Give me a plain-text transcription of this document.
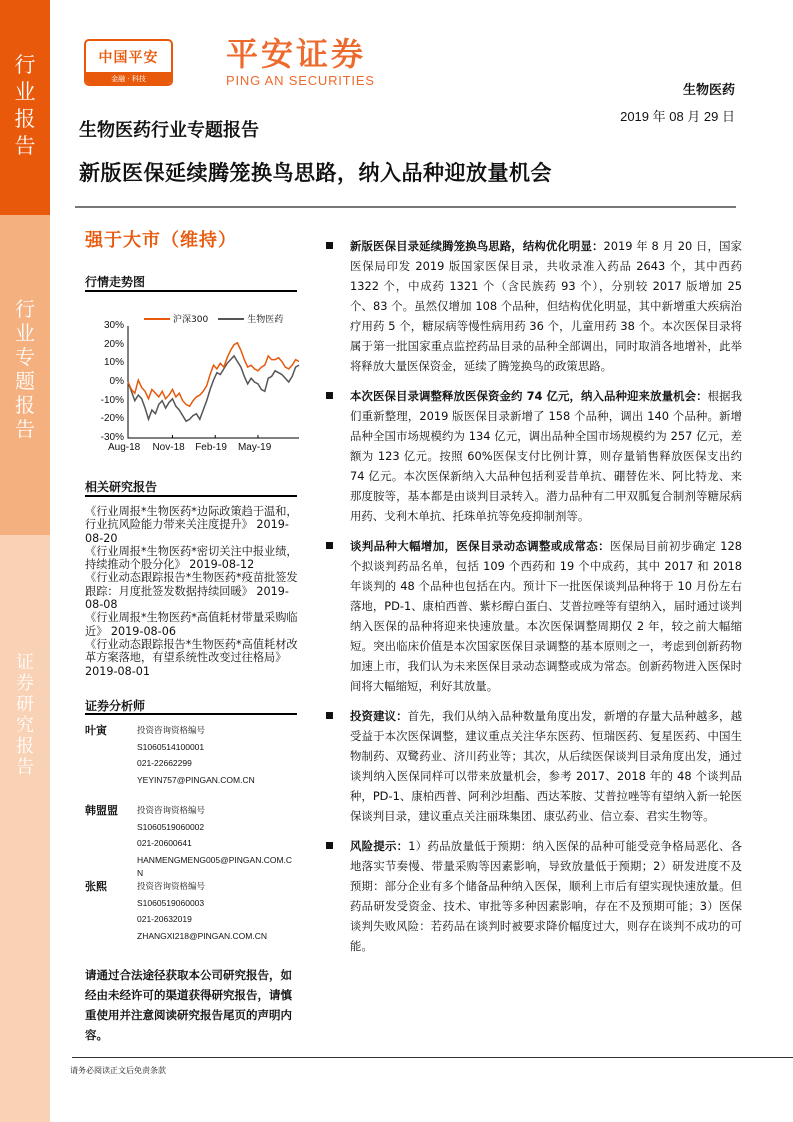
行
业
报
告
行
业
专
题
报
告
证
券
研
究
报
告
中国平安
金融 · 科技
平安证券
PING AN SECURITIES
生物医药
2019 年 08 月 29 日
生物医药行业专题报告
新版医保延续腾笼换鸟思路，纳入品种迎放量机会
强于大市（维持）
行情走势图
沪深300	生物医药
30%
20%
10%
0%
-10%
-20%
-30%
Aug-18 Nov-18 Feb-19 May-19
相关研究报告
《行业周报*生物医药*边际政策趋于温和，行业抗风险能力带来关注度提升》 2019-08-20
《行业周报*生物医药*密切关注中报业绩，持续推动个股分化》 2019-08-12
《行业动态跟踪报告*生物医药*疫苗批签发跟踪：月度批签发数据持续回暖》 2019-08-08
《行业周报*生物医药*高值耗材带量采购临近》 2019-08-06
《行业动态跟踪报告*生物医药*高值耗材改革方案落地，有望系统性改变过往格局》 2019-08-01
证券分析师
叶寅	投资咨询资格编号
S1060514100001
021-22662299
YEYIN757@PINGAN.COM.CN
韩盟盟 投资咨询资格编号
S1060519060002
021-20600641
HANMENGMENG005@PINGAN.COM.CN
张熙	投资咨询资格编号
S1060519060003
021-20632019
ZHANGXI218@PINGAN.COM.CN
请通过合法途径获取本公司研究报告，如经由未经许可的渠道获得研究报告，请慎重使用并注意阅读研究报告尾页的声明内容。
新版医保目录延续腾笼换鸟思路，结构优化明显：2019 年 8 月 20 日，国家医保局印发 2019 版国家医保目录，共收录准入药品 2643 个，其中西药 1322 个，中成药 1321 个（含民族药 93 个），分别较 2017 版增加 25 个、83 个。虽然仅增加 108 个品种，但结构优化明显，其中新增重大疾病治疗用药 5 个，糖尿病等慢性病用药 36 个，儿童用药 38 个。本次医保目录将属于第一批国家重点监控药品目录的品种全部调出，同时取消各地增补，此举将释放大量医保资金，延续了腾笼换鸟的政策思路。
本次医保目录调整释放医保资金约 74 亿元，纳入品种迎来放量机会：根据我们重新整理，2019 版医保目录新增了 158 个品种，调出 140 个品种。新增品种全国市场规模约为 134 亿元，调出品种全国市场规模约为 257 亿元，差额为 123 亿元。按照 60%医保支付比例计算，则存量销售释放医保支出约 74 亿元。本次医保新纳入大品种包括利妥昔单抗、硼替佐米、阿比特龙、来那度胺等，基本都是由谈判目录转入。潜力品种有二甲双胍复合制剂等糖尿病用药、戈利木单抗、托珠单抗等免疫抑制剂等。
谈判品种大幅增加，医保目录动态调整或成常态：医保局目前初步确定 128 个拟谈判药品名单，包括 109 个西药和 19 个中成药，其中 2017 和 2018 年谈判的 48 个品种也包括在内。预计下一批医保谈判品种将于 10 月份左右落地，PD-1、康柏西普、紫杉醇白蛋白、艾普拉唑等有望纳入，届时通过谈判纳入医保的品种将迎来快速放量。本次医保调整周期仅 2 年，较之前大幅缩短。突出临床价值是本次国家医保目录调整的基本原则之一，考虑到创新药物加速上市，我们认为未来医保目录动态调整或成为常态。创新药物进入医保时间将大幅缩短，利好其放量。
投资建议：首先，我们从纳入品种数量角度出发，新增的存量大品种越多，越受益于本次医保调整，建议重点关注华东医药、恒瑞医药、复星医药、中国生物制药、双鹭药业、济川药业等；其次，从后续医保谈判目录角度出发，通过谈判纳入医保同样可以带来放量机会，参考 2017、2018 年的 48 个谈判品种，PD-1、康柏西普、阿利沙坦酯、西达苯胺、艾普拉唑等有望纳入新一轮医保谈判目录，建议重点关注丽珠集团、康弘药业、信立泰、君实生物等。
风险提示：1）药品放量低于预期：纳入医保的品种可能受竞争格局恶化、各地落实节奏慢、带量采购等因素影响，导致放量低于预期；2）研发进度不及预期：部分企业有多个储备品种纳入医保，顺利上市后有望实现快速放量。但药品研发受资金、技术、审批等多种因素影响，存在不及预期可能；3）医保谈判失败风险：若药品在谈判时被要求降价幅度过大，则存在谈判不成功的可能。
请务必阅读正文后免责条款
